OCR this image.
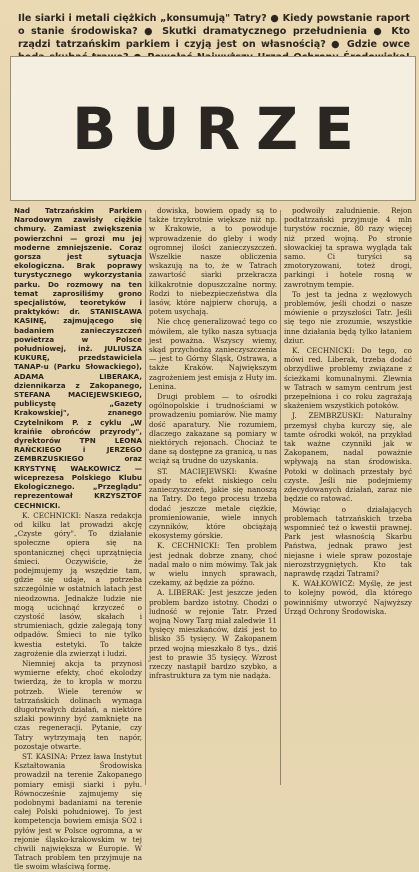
Ile siarki i metali ciężkich „konsumują" Tatry? ● Kiedy powstanie raport o stanie środowiska? ● Skutki dramatycznego przełudnienia ● Kto rządzi tatrzańskim parkiem i czyją jest on własnością? ● Gdzie owce
BURZE

Nad Tatrzańskim Parkiem Narodowym zawisły ciężkie chmury. Zamiast zwiększenia powierzchni — grozi mu jej moderne zmniejszenie. Coraz gorsza jest sytuacja ekologiczna. Brak poprawy turystycznego wykorzystania parku. Do rozmowy na ten temat zaprosiliśmy grono specjalistów, teoretyków i praktyków: dr. STANISŁAWA KASINĘ, zajmującego się badaniem zanieczyszczeń powietrza w Polsce południowej, inż. JULIUSZA KUKURĘ, przedstawiciela TANAP-u (Parku Słowackiego), ADAMA LIBERAKA, dziennikarza z Zakopanego, STEFANA MACIEJEWSKIEGO, publicystę „Gazety Krakowskiej", znanego Czytelnikom P. z cyklu „W kraińie obrońców przyrody", dyrektorów TPN LEONA RAŃCKIEGO i JERZEGO ZEMBRZUSKIEGO oraz KRYSTYNĘ WAŁKOWICZ — wiceprezesa Polskiego Klubu Ekologicznego. „Przeglądu" reprezentował KRZYSZTOF CECHNICKI.

K. CECHNICKI: Nasza redakcja od kilku lat prowadzi akcję „Czyste góry". To działanie społeczne opiera się na spontanicznej chęci uprzątnięcia śmieci. Oczywiście, że podejmujemy ją wszędzie tam, gdzie się udaje, a potrzeba szczególnie w ostatnich latach jest nieodzowna. Jednakże ludzie nie mogą ucichnąć krzyczeć o czystość lasów, skałach i strumieniach, gdzie zalegają tony odpadów. Śmieci to nie tylko kwestia estetyki. To także zagrożenie dla zwierząt i ludzi.

Niemniej akcja ta przynosi wymierne efekty, choć ekolodzy twierdzą, że to kropla w morzu potrzeb. Wiele terenów w tatrzańskich dolinach wymaga długotrwałych działań, a niektóre szlaki powinny być zamknięte na czas regeneracji. Pytanie, czy Tatry wytrzymają ten napór, pozostaje otwarte.

ST. KASINA: Przez ława Instytut Kształtowania Środowiska prowadził na terenie Zakopanego pomiary emisji siarki i pyłu. Równocześnie zajmujemy się podobnymi badaniami na terenie całej Polski południowej. To jest kompetencja bowiem emisja SO2 i pyłów jest w Polsce ogromna, a w rejonie śląsko-krakowskim w tej chwili największa w Europie. W Tatrach problem ten przyjmuje na tle swoim właściwą formę.

dowiska, bowiem opady są to także trzykrotnie większe niż np. w Krakowie, a to powoduje wprowadzenie do gleby i wody ogromnej ilości zanieczyszczeń. Wszelkie nasze obliczenia wskazują na to, że w Tatrach zawartość siarki przekracza kilkakrotnie dopuszczalne normy. Rodzi to niebezpieczeństwa dla lasów, które najpierw chorują, a potem usychają.

Nie chcę generalizować tego co mówiłem, ale tylko nasza sytuacja jest poważna. Wszyscy wiemy, skąd przychodzą zanieczyszczenia — jest to Górny Śląsk, Ostrawa, a także Kraków. Największym zagrożeniem jest emisja z Huty im. Lenina.

Drugi problem — to ośrodki ogólnopolskie i trudnościami w prowadzeniu pomiarów. Nie mamy dość aparatury. Nie rozumiem, dlaczego zakazane są pomiary w niektórych rejonach. Chociaż te dane są dostępne za granicą, u nas wciąż są trudne do uzyskania.

ST. MACIEJEWSKI: Kwaśne opady to efekt niskiego celu zanieczyszczeń, jakie się nanoszą na Tatry. Do tego procesu trzeba dodać jeszcze metale ciężkie, promieniowanie, wiele innych czynników, które obciążają ekosystemy górskie.

K. CECHNICKI: Ten problem jest jednak dobrze znany, choć nadal mało o nim mówimy. Tak jak w wielu innych sprawach, czekamy, aż będzie za późno.

A. LIBERAK: Jest jeszcze jeden problem bardzo istotny. Chodzi o ludność w rejonie Tatr. Przed wojną Nowy Targ miał zaledwie 11 tysięcy mieszkańców, dziś jest to blisko 35 tysięcy. W Zakopanem przed wojną mieszkało 8 tys., dziś jest to prawie 35 tysięcy. Wzrost rzeczy nastąpił bardzo szybko, a infrastruktura za tym nie nadąża.

podwoiły zaludnienie. Rejon podtatrzański przyjmuje 4 mln turystów rocznie, 80 razy więcej niż przed wojną. Po stronie słowackiej ta sprawa wygląda tak samo. Ci turyści są zmotoryzowani, toteż drogi, parkingi i hotele rosną w zawrotnym tempie.

To jest ta jedna z węzłowych problemów, jeśli chodzi o nasze mówienie o przyszłości Tatr. Jeśli się tego nie zrozumie, wszystkie inne działania będą tylko łataniem dziur.

K. CECHNICKI: Do tego, co mówi red. Liberak, trzeba dodać obrzydliwe problemy związane z ścieżkami komunalnymi. Zlewnia w Tatrach w samym centrum jest przepełniona i co roku zagrażają skażeniem wszystkich potoków.

J. ZEMBRZUSKI: Naturalny przemysł chyba kurczy się, ale tamte ośrodki wokół, na przykład tak ważne czynniki jak w Zakopanem, nadal poważnie wpływają na stan środowiska. Potoki w dolinach przestały być czyste. Jeśli nie podejmiemy zdecydowanych działań, zaraz nie będzie co ratować.

Mówiąc o działających problemach tatrzańskich trzeba wspomnieć też o kwestii prawnej. Park jest własnością Skarbu Państwa, jednak prawo jest niejasne i wiele spraw pozostaje nierozstrzygniętych. Kto tak naprawdę rządzi Tatrami?

K. WAŁKOWICZ: Myślę, że jest to kolejny powód, dla którego powinniśmy utworzyć Najwyższy Urząd Ochrony Środowiska.
